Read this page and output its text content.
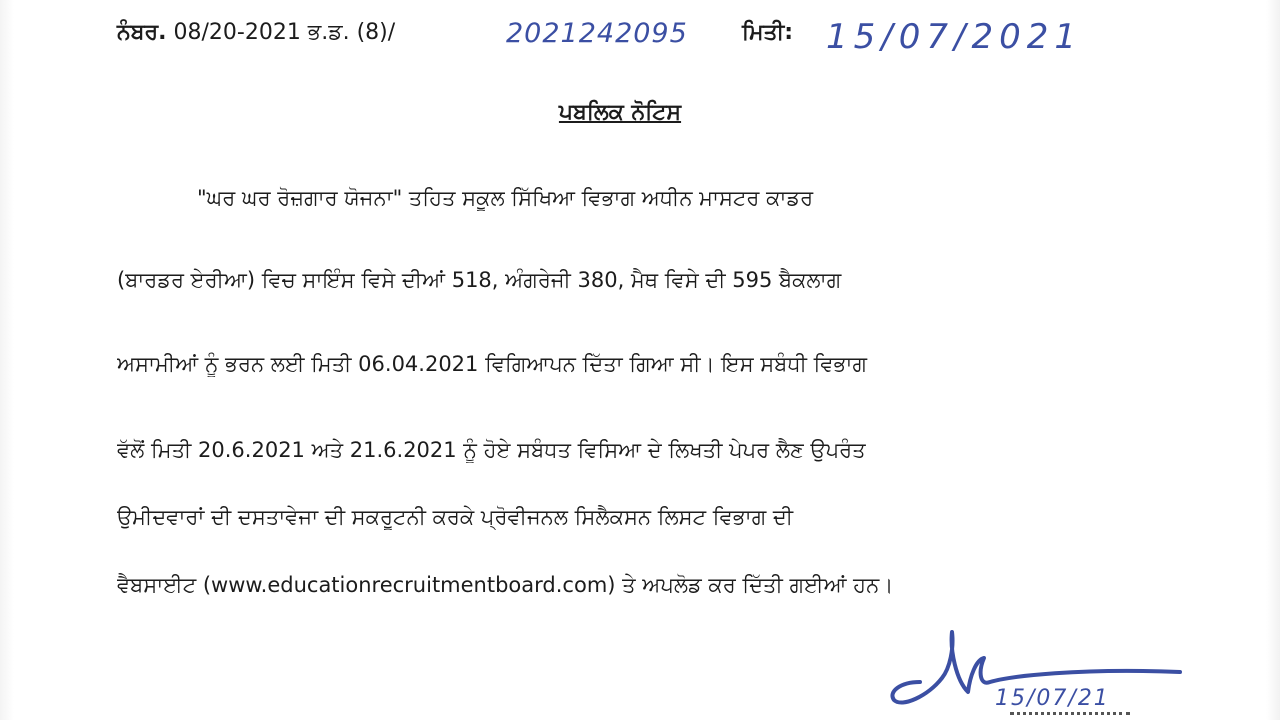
ਨੰਬਰ. 08/20-2021 ਭ.ਡ. (8)/	2021242095 ਮਿਤੀ: 15/07/2021
ਪਬਲਿਕ ਨੋਟਿਸ
"ਘਰ ਘਰ ਰੋਜ਼ਗਾਰ ਯੋਜਨਾ" ਤਹਿਤ ਸਕੂਲ ਸਿੱਖਿਆ ਵਿਭਾਗ ਅਧੀਨ ਮਾਸਟਰ ਕਾਡਰ
(ਬਾਰਡਰ ਏਰੀਆ) ਵਿਚ ਸਾਇੰਸ ਵਿਸੇ ਦੀਆਂ 518, ਅੰਗਰੇਜੀ 380, ਮੈਥ ਵਿਸੇ ਦੀ 595 ਬੈਕਲਾਗ
ਅਸਾਮੀਆਂ ਨੂੰ ਭਰਨ ਲਈ ਮਿਤੀ 06.04.2021 ਵਿਗਿਆਪਨ ਦਿੱਤਾ ਗਿਆ ਸੀ। ਇਸ ਸਬੰਧੀ ਵਿਭਾਗ
ਵੱਲੋਂ ਮਿਤੀ 20.6.2021 ਅਤੇ 21.6.2021 ਨੂੰ ਹੋਏ ਸਬੰਧਤ ਵਿਸਿਆ ਦੇ ਲਿਖਤੀ ਪੇਪਰ ਲੈਣ ਉਪਰੰਤ
ਉਮੀਦਵਾਰਾਂ ਦੀ ਦਸਤਾਵੇਜਾ ਦੀ ਸਕਰੂਟਨੀ ਕਰਕੇ ਪ੍ਰੋਵੀਜਨਲ ਸਿਲੈਕਸਨ ਲਿਸਟ ਵਿਭਾਗ ਦੀ
ਵੈਬਸਾਈਟ (www.educationrecruitmentboard.com) ਤੇ ਅਪਲੋਡ ਕਰ ਦਿੱਤੀ ਗਈਆਂ ਹਨ।
15/07/21
